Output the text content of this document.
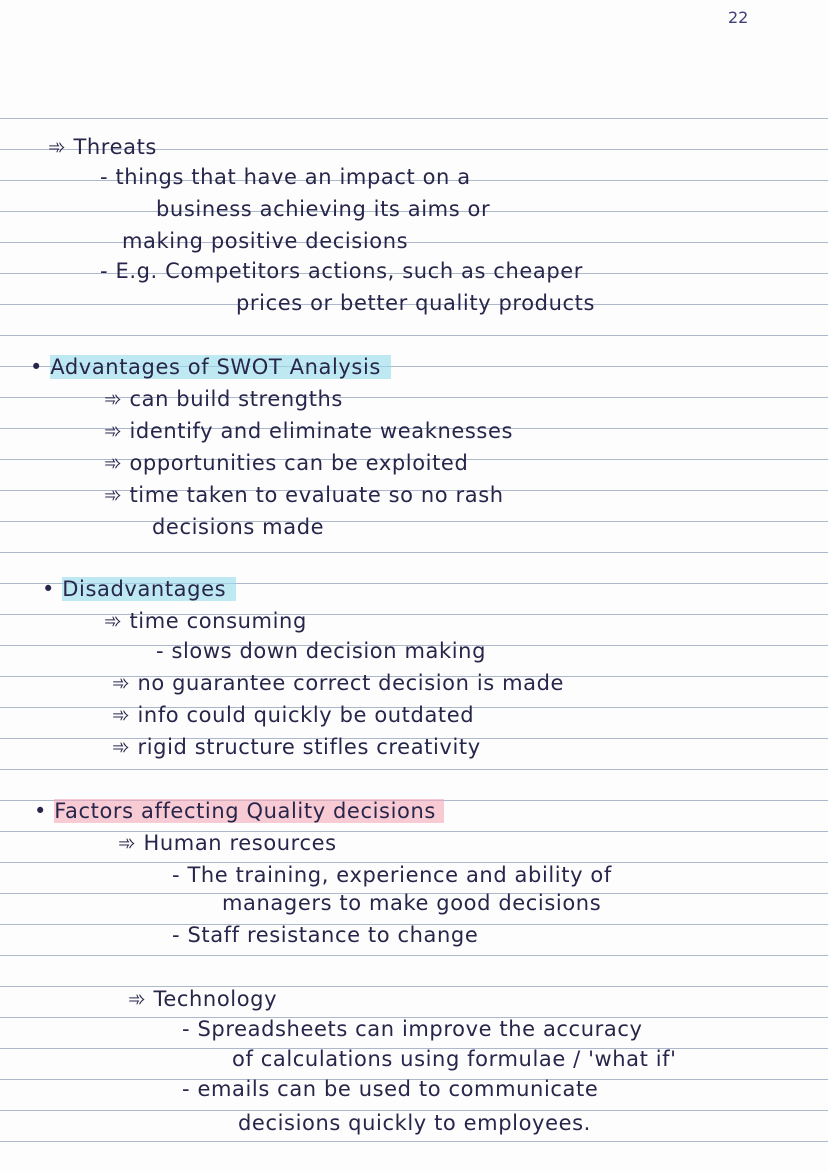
22
➾ Threats
- things that have an impact on a
business achieving its aims or
making positive decisions
- E.g. Competitors actions, such as cheaper
prices or better quality products
• Advantages of SWOT Analysis
➾ can build strengths
➾ identify and eliminate weaknesses
➾ opportunities can be exploited
➾ time taken to evaluate so no rash
decisions made
• Disadvantages
➾ time consuming
- slows down decision making
➾ no guarantee correct decision is made
➾ info could quickly be outdated
➾ rigid structure stifles creativity
• Factors affecting Quality decisions
➾ Human resources
- The training, experience and ability of
managers to make good decisions
- Staff resistance to change
➾ Technology
- Spreadsheets can improve the accuracy
of calculations using formulae / 'what if'
- emails can be used to communicate
decisions quickly to employees.
